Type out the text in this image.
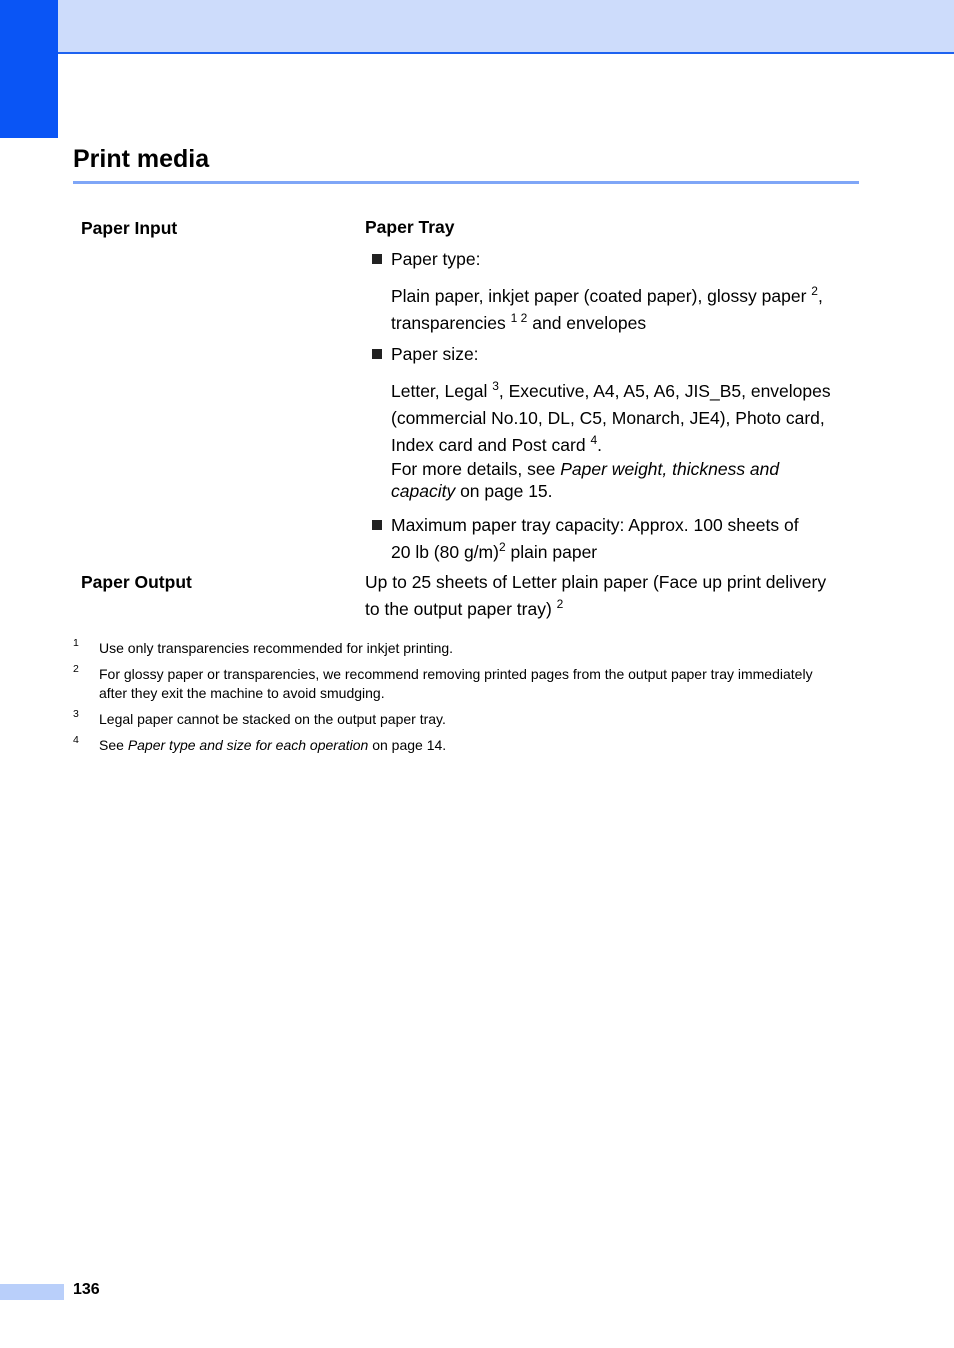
Print media
Paper Input	Paper Tray
Paper type:
Plain paper, inkjet paper (coated paper), glossy paper $^2$,
transparencies $^{1 2}$ and envelopes
Paper size:
Letter, Legal $^3$, Executive, A4, A5, A6, JIS_B5, envelopes
(commercial No.10, DL, C5, Monarch, JE4), Photo card,
Index card and Post card $^4$.
For more details, see Paper weight, thickness and
capacity on page 15.
Maximum paper tray capacity: Approx. 100 sheets of
20 lb (80 g/m)$^2$ plain paper
Paper Output	Up to 25 sheets of Letter plain paper (Face up print delivery
to the output paper tray) $^2$
1 Use only transparencies recommended for inkjet printing.
2 For glossy paper or transparencies, we recommend removing printed pages from the output paper tray immediately
after they exit the machine to avoid smudging.
3 Legal paper cannot be stacked on the output paper tray.
4 See Paper type and size for each operation on page 14.
136
